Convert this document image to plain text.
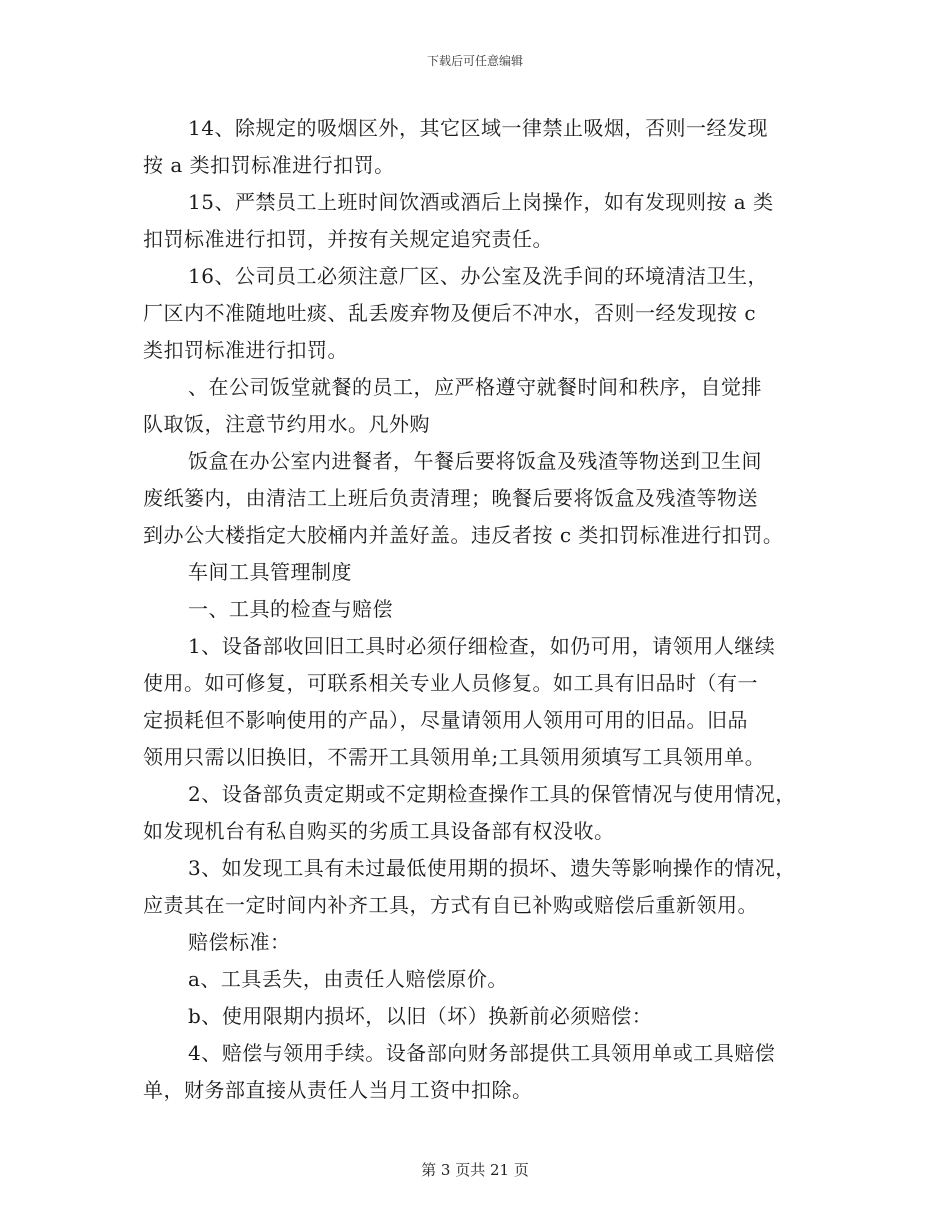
下载后可任意编辑

14、除规定的吸烟区外，其它区域一律禁止吸烟，否则一经发现

按 a 类扣罚标准进行扣罚。

15、严禁员工上班时间饮酒或酒后上岗操作，如有发现则按 a 类

扣罚标准进行扣罚，并按有关规定追究责任。

16、公司员工必须注意厂区、办公室及洗手间的环境清洁卫生，

厂区内不准随地吐痰、乱丢废弃物及便后不冲水，否则一经发现按 c

类扣罚标准进行扣罚。

、在公司饭堂就餐的员工，应严格遵守就餐时间和秩序，自觉排

队取饭，注意节约用水。凡外购

饭盒在办公室内进餐者，午餐后要将饭盒及残渣等物送到卫生间

废纸篓内，由清洁工上班后负责清理；晚餐后要将饭盒及残渣等物送

到办公大楼指定大胶桶内并盖好盖。违反者按 c 类扣罚标准进行扣罚。

车间工具管理制度

一、工具的检查与赔偿

1、设备部收回旧工具时必须仔细检查，如仍可用，请领用人继续

使用。如可修复，可联系相关专业人员修复。如工具有旧品时（有一

定损耗但不影响使用的产品），尽量请领用人领用可用的旧品。旧品

领用只需以旧换旧，不需开工具领用单;工具领用须填写工具领用单。

2、设备部负责定期或不定期检查操作工具的保管情况与使用情况，

如发现机台有私自购买的劣质工具设备部有权没收。

3、如发现工具有未过最低使用期的损坏、遗失等影响操作的情况，

应责其在一定时间内补齐工具，方式有自已补购或赔偿后重新领用。

赔偿标准：

a、工具丢失，由责任人赔偿原价。

b、使用限期内损坏，以旧（坏）换新前必须赔偿：

4、赔偿与领用手续。设备部向财务部提供工具领用单或工具赔偿

单，财务部直接从责任人当月工资中扣除。

第 3 页共 21 页
